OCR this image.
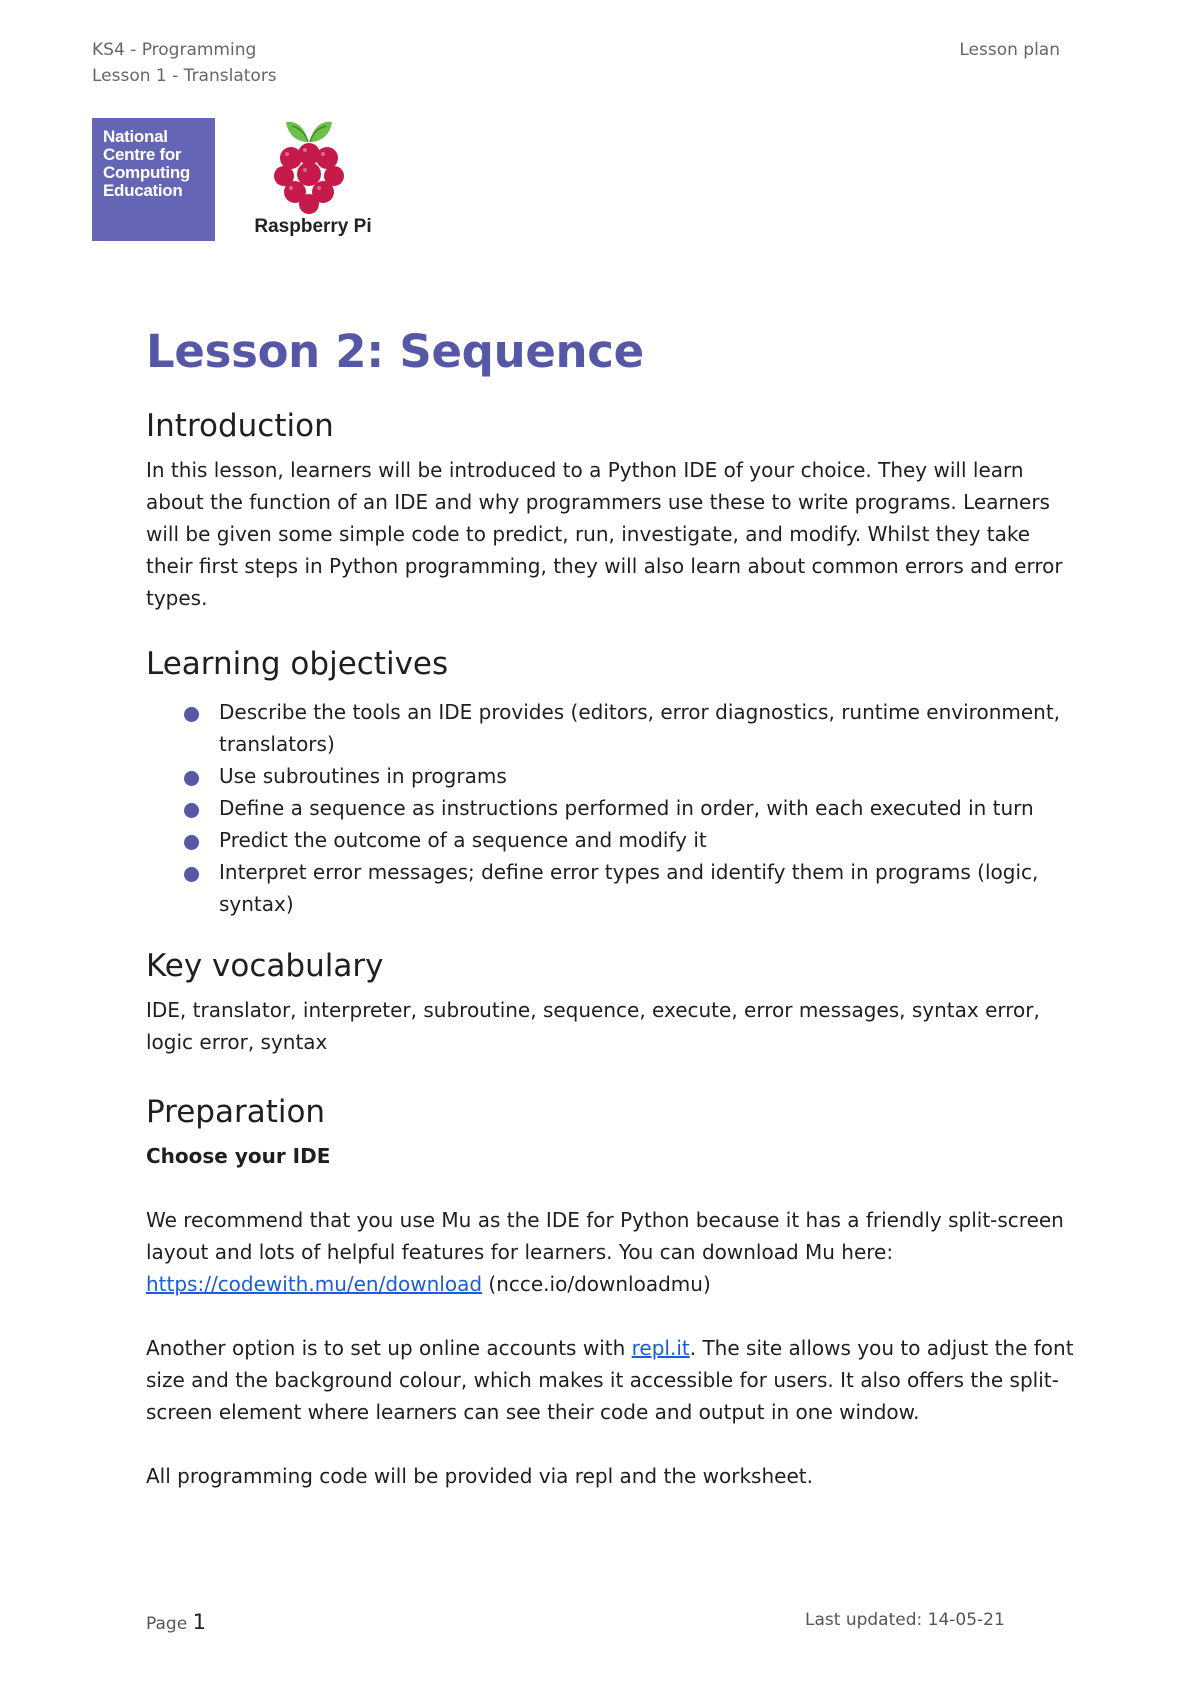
KS4 - Programming
Lesson 1 - Translators
Lesson plan
National
Centre for
Computing
Education
Raspberry Pi
Lesson 2: Sequence
Introduction

In this lesson, learners will be introduced to a Python IDE of your choice. They will learn about the function of an IDE and why programmers use these to write programs. Learners will be given some simple code to predict, run, investigate, and modify. Whilst they take their first steps in Python programming, they will also learn about common errors and error types.

Learning objectives
Describe the tools an IDE provides (editors, error diagnostics, runtime environment, translators)
Use subroutines in programs
Define a sequence as instructions performed in order, with each executed in turn
Predict the outcome of a sequence and modify it
Interpret error messages; define error types and identify them in programs (logic, syntax)
Key vocabulary

IDE, translator, interpreter, subroutine, sequence, execute, error messages, syntax error, logic error, syntax

Preparation

Choose your IDE

We recommend that you use Mu as the IDE for Python because it has a friendly split-screen layout and lots of helpful features for learners. You can download Mu here:
https://codewith.mu/en/download (ncce.io/downloadmu)

Another option is to set up online accounts with repl.it. The site allows you to adjust the font size and the background colour, which makes it accessible for users. It also offers the split-screen element where learners can see their code and output in one window.

All programming code will be provided via repl and the worksheet.

Page 1	Last updated: 14-05-21
